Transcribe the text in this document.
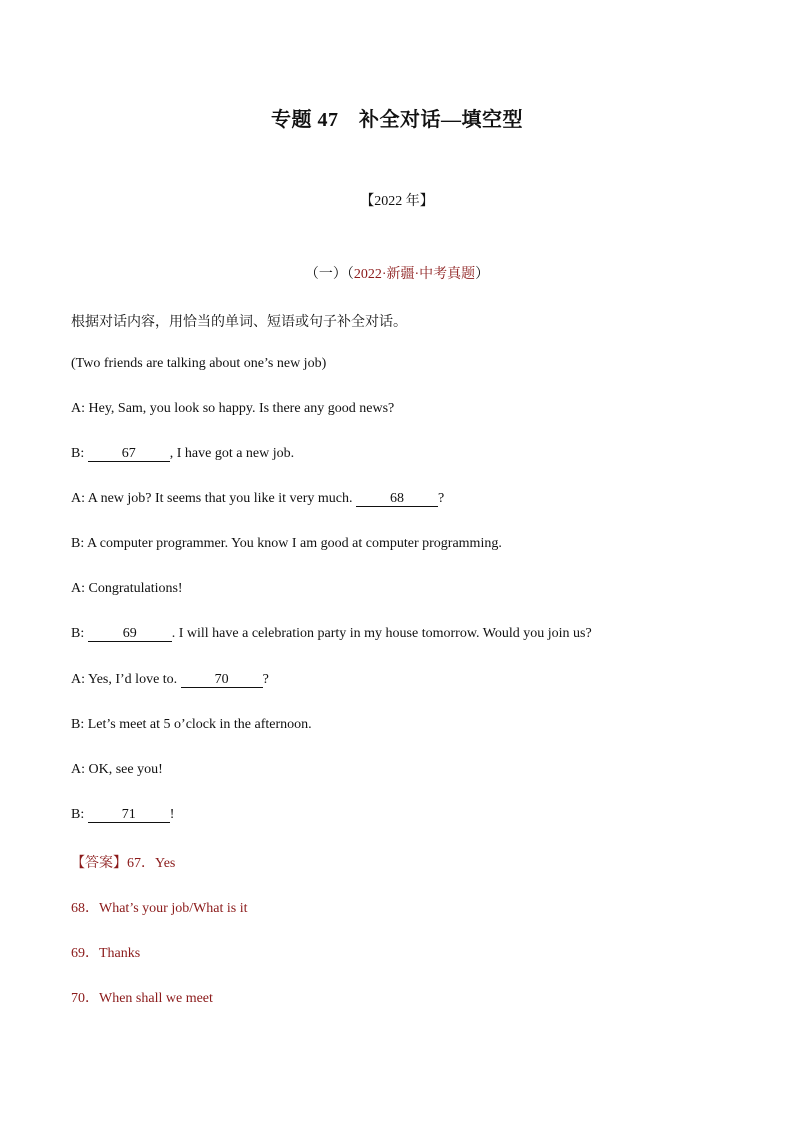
专题 47　补全对话—填空型
【2022 年】
（一）（2022·新疆·中考真题）
根据对话内容，用恰当的单词、短语或句子补全对话。
(Two friends are talking about one’s new job)
A: Hey, Sam, you look so happy. Is there any good news?
B: 67 , I have got a new job.
A: A new job? It seems that you like it very much. 68 ?
B: A computer programmer. You know I am good at computer programming.
A: Congratulations!
B:	69	. I will have a celebration party in my house tomorrow. Would you join us?
A: Yes, I’d love to. 70 ?
B: Let’s meet at 5 o’clock in the afternoon.
A: OK, see you!
B: 71 !
【答案】67．Yes
68．What’s your job/What is it
69．Thanks
70．When shall we meet
